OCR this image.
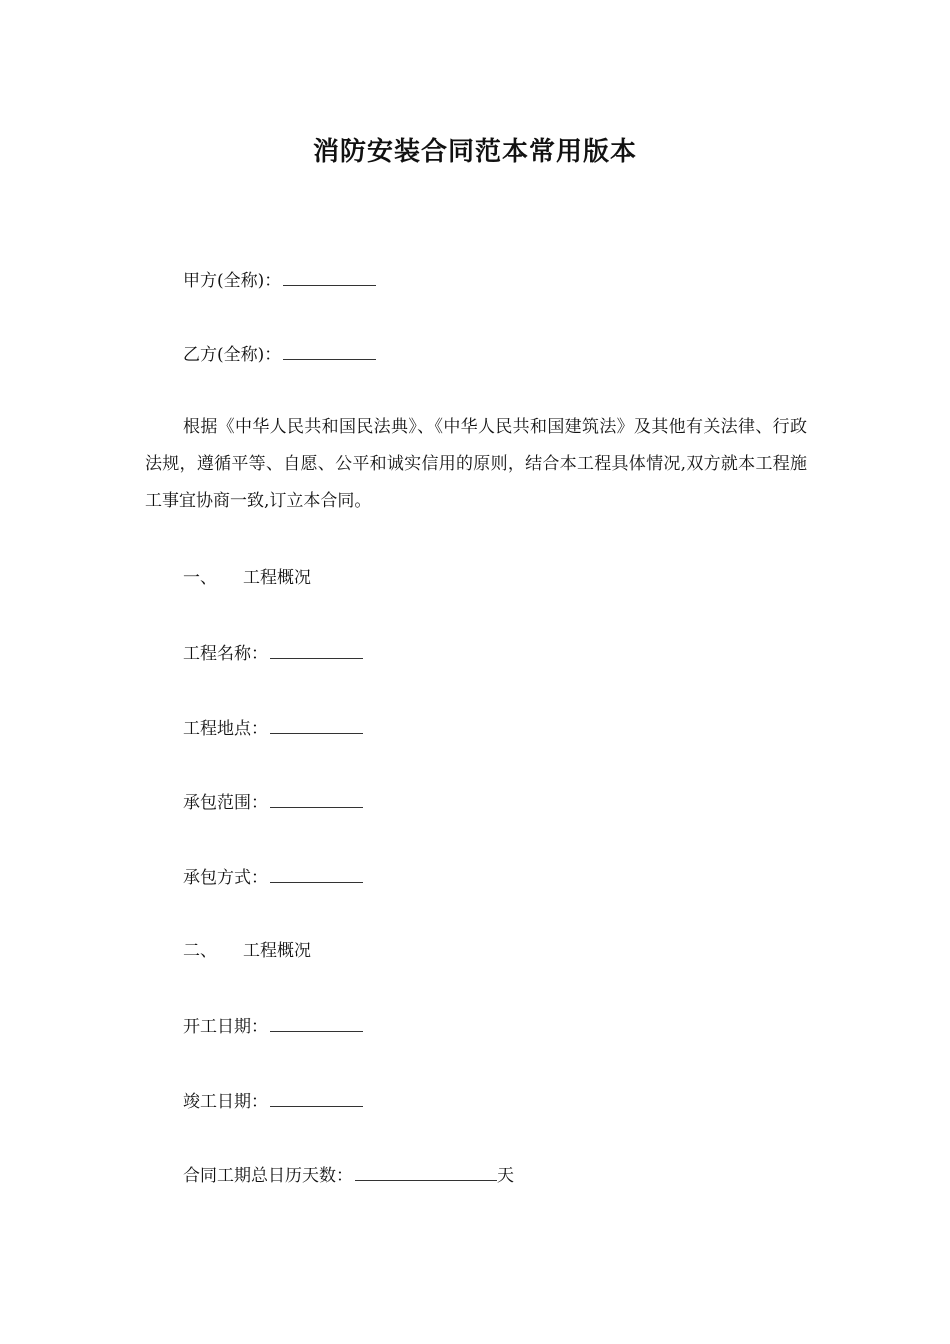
消防安装合同范本常用版本
甲方(全称)：
乙方(全称)：
根据《中华人民共和国民法典》、《中华人民共和国建筑法》及其他有关法律、行政法规，遵循平等、自愿、公平和诚实信用的原则，结合本工程具体情况,双方就本工程施工事宜协商一致,订立本合同。
一、 工程概况
工程名称：
工程地点：
承包范围：
承包方式：
二、 工程概况
开工日期：
竣工日期：
合同工期总日历天数：	天
